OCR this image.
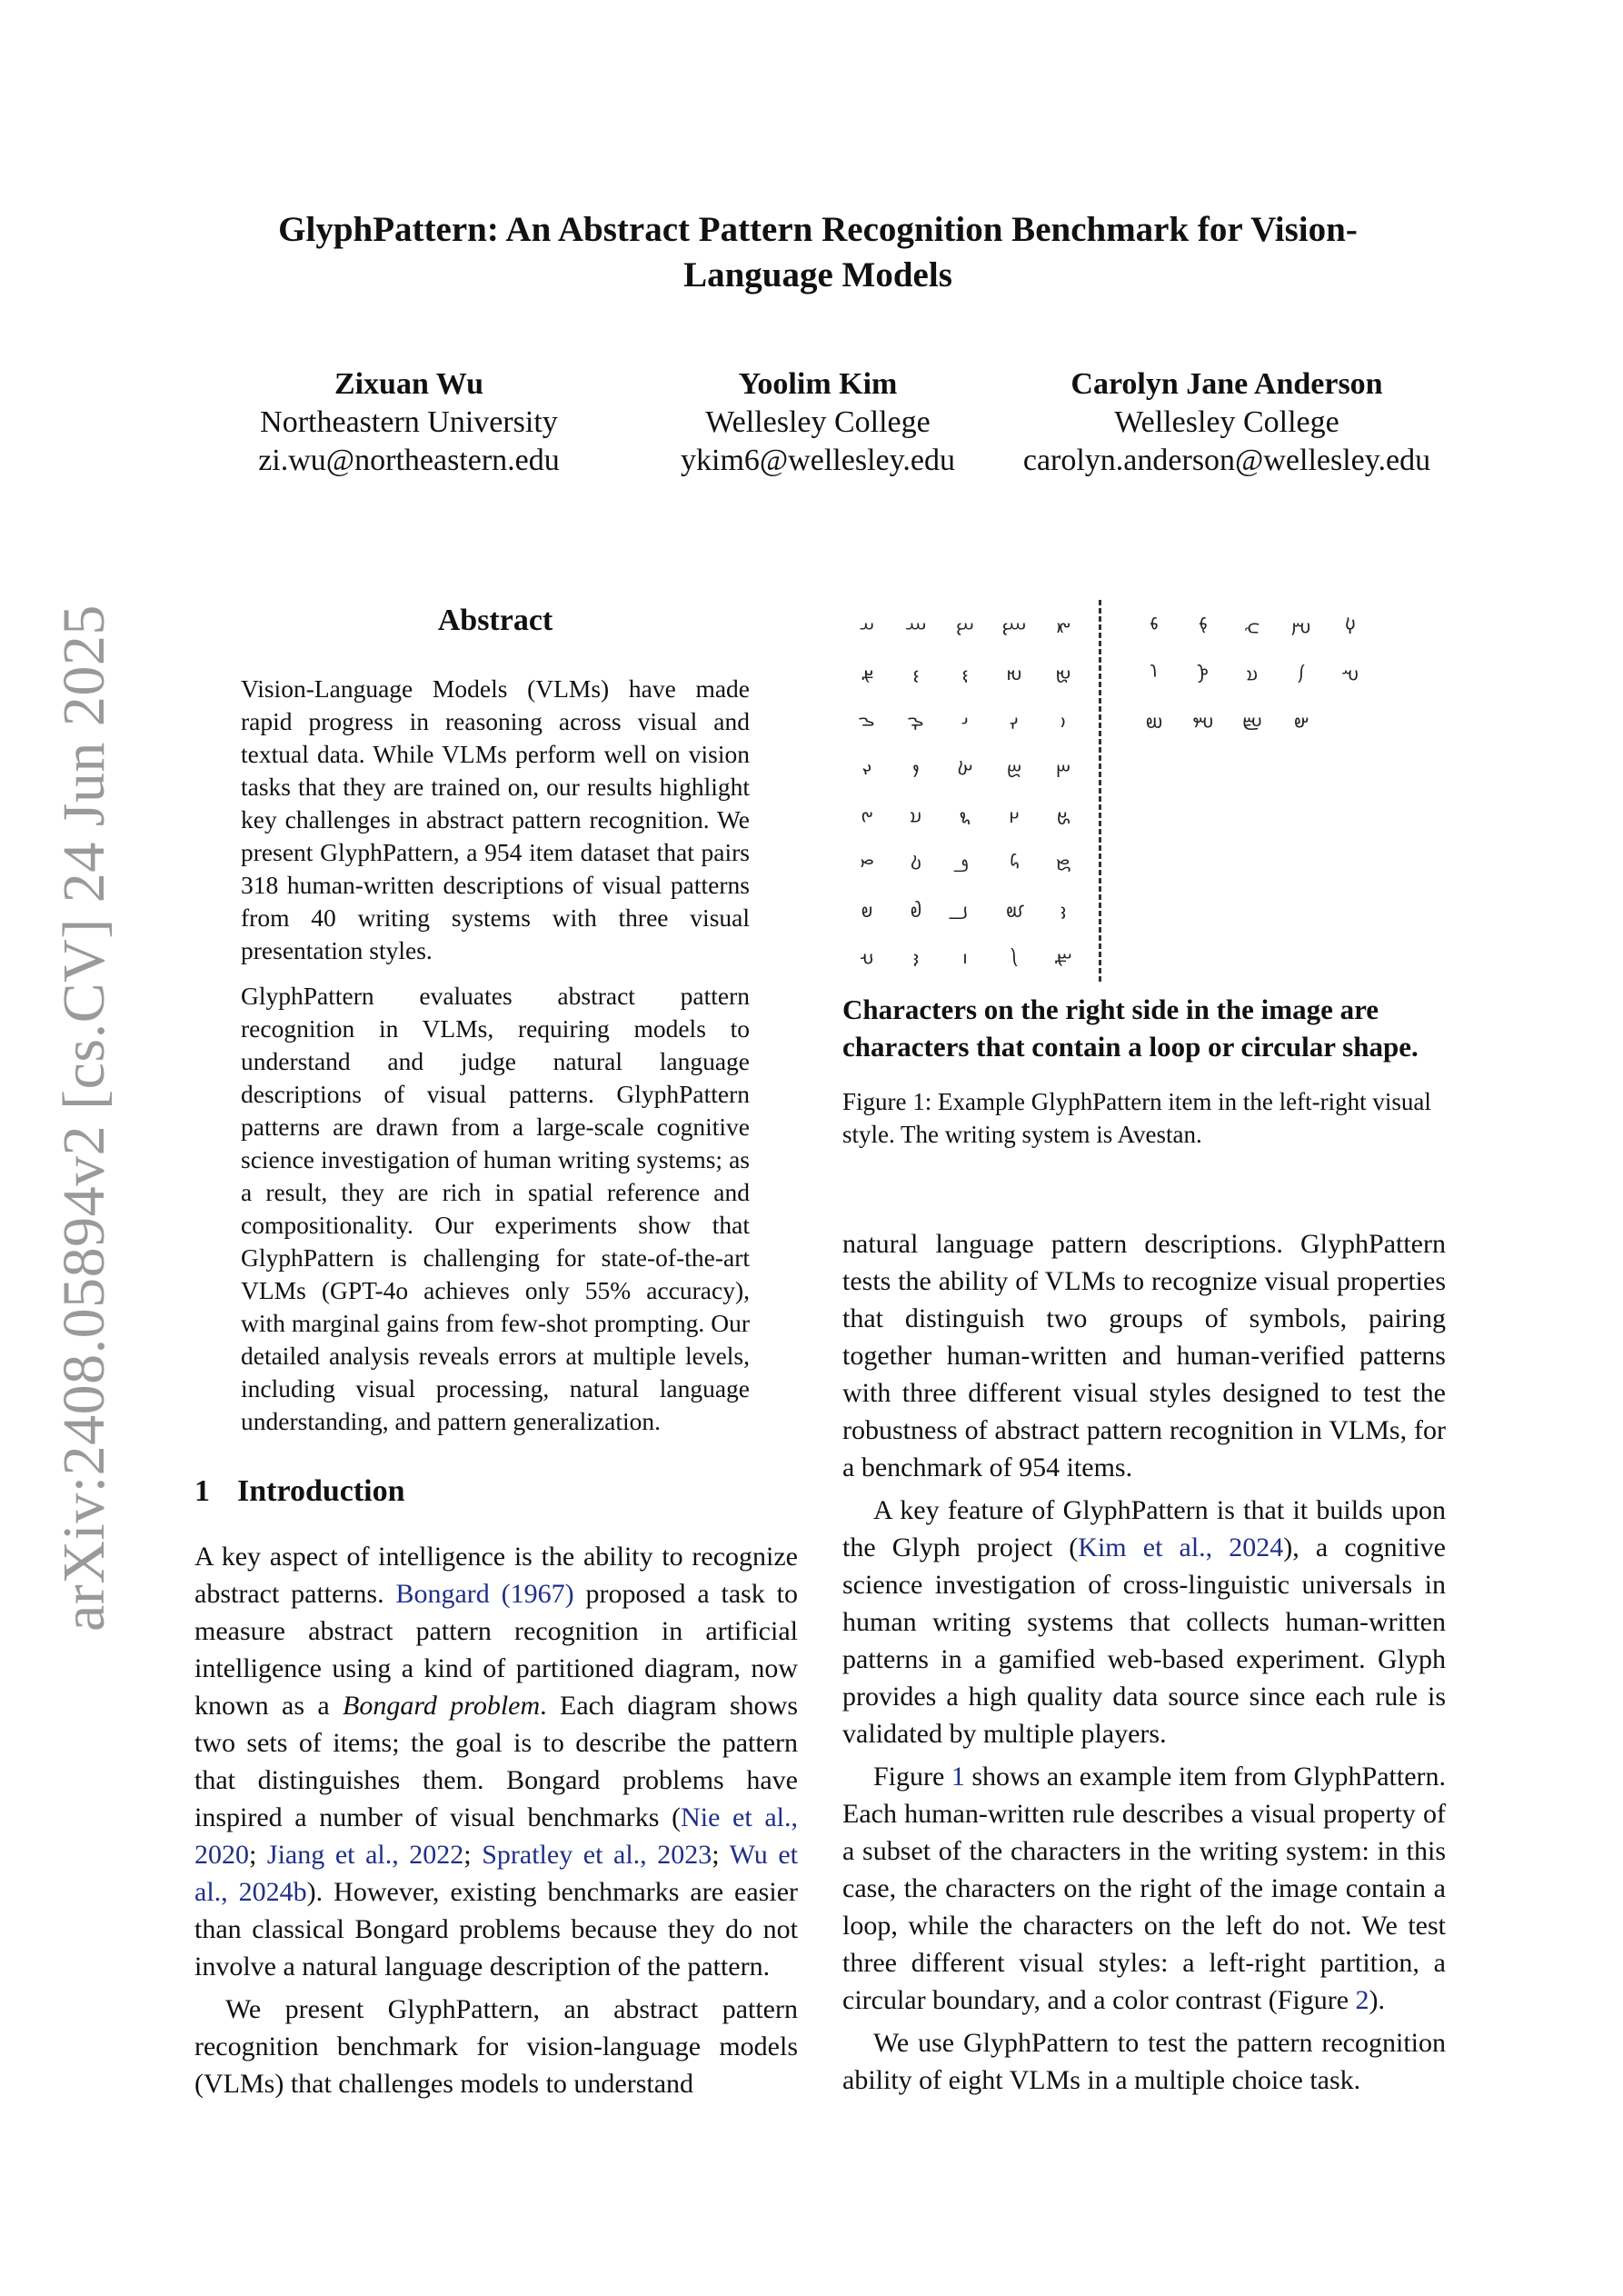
arXiv:2408.05894v2 [cs.CV] 24 Jun 2025
GlyphPattern: An Abstract Pattern Recognition Benchmark for Vision-Language Models
Zixuan Wu
Northeastern University
zi.wu@northeastern.edu
Yoolim Kim
Wellesley College
ykim6@wellesley.edu
Carolyn Jane Anderson
Wellesley College
carolyn.anderson@wellesley.edu
Abstract

Vision-Language Models (VLMs) have made rapid progress in reasoning across visual and textual data. While VLMs perform well on vision tasks that they are trained on, our results highlight key challenges in abstract pattern recognition. We present GlyphPattern, a 954 item dataset that pairs 318 human-written descriptions of visual patterns from 40 writing systems with three visual presentation styles.

GlyphPattern evaluates abstract pattern recognition in VLMs, requiring models to understand and judge natural language descriptions of visual patterns. GlyphPattern patterns are drawn from a large-scale cognitive science investigation of human writing systems; as a result, they are rich in spatial reference and compositionality. Our experiments show that GlyphPattern is challenging for state-of-the-art VLMs (GPT-4o achieves only 55% accuracy), with marginal gains from few-shot prompting. Our detailed analysis reveals errors at multiple levels, including visual processing, natural language understanding, and pattern generalization.

1 Introduction

A key aspect of intelligence is the ability to recognize abstract patterns. Bongard (1967) proposed a task to measure abstract pattern recognition in artificial intelligence using a kind of partitioned diagram, now known as a Bongard problem. Each diagram shows two sets of items; the goal is to describe the pattern that distinguishes them. Bongard problems have inspired a number of visual benchmarks (Nie et al., 2020; Jiang et al., 2022; Spratley et al., 2023; Wu et al., 2024b). However, existing benchmarks are easier than classical Bongard problems because they do not involve a natural language description of the pattern.

We present GlyphPattern, an abstract pattern recognition benchmark for vision-language models (VLMs) that challenges models to understand

𐬀	𐬁	𐬂	𐬃	𐬄
𐬅	𐬆	𐬇	𐬈	𐬉
𐬊	𐬋	𐬌	𐬍	𐬎
𐬏	𐬐	𐬑	𐬒	𐬓
𐬔	𐬕	𐬖	𐬗	𐬘
𐬙	𐬚	𐬛	𐬜	𐬝
𐬞	𐬟	𐬠	𐬡	𐬢
𐬣	𐬤	𐬥	𐬦	𐬧
𐬨	𐬩	𐬪	𐬫	𐬬
𐬭	𐬮	𐬯	𐬰	𐬱
𐬲	𐬳	𐬴	𐬵
Characters on the right side in the image are characters that contain a loop or circular shape.
Figure 1: Example GlyphPattern item in the left-right visual style. The writing system is Avestan.

natural language pattern descriptions. GlyphPattern tests the ability of VLMs to recognize visual properties that distinguish two groups of symbols, pairing together human-written and human-verified patterns with three different visual styles designed to test the robustness of abstract pattern recognition in VLMs, for a benchmark of 954 items.

A key feature of GlyphPattern is that it builds upon the Glyph project (Kim et al., 2024), a cognitive science investigation of cross-linguistic universals in human writing systems that collects human-written patterns in a gamified web-based experiment. Glyph provides a high quality data source since each rule is validated by multiple players.

Figure 1 shows an example item from GlyphPattern. Each human-written rule describes a visual property of a subset of the characters in the writing system: in this case, the characters on the right of the image contain a loop, while the characters on the left do not. We test three different visual styles: a left-right partition, a circular boundary, and a color contrast (Figure 2).

We use GlyphPattern to test the pattern recognition ability of eight VLMs in a multiple choice task.
